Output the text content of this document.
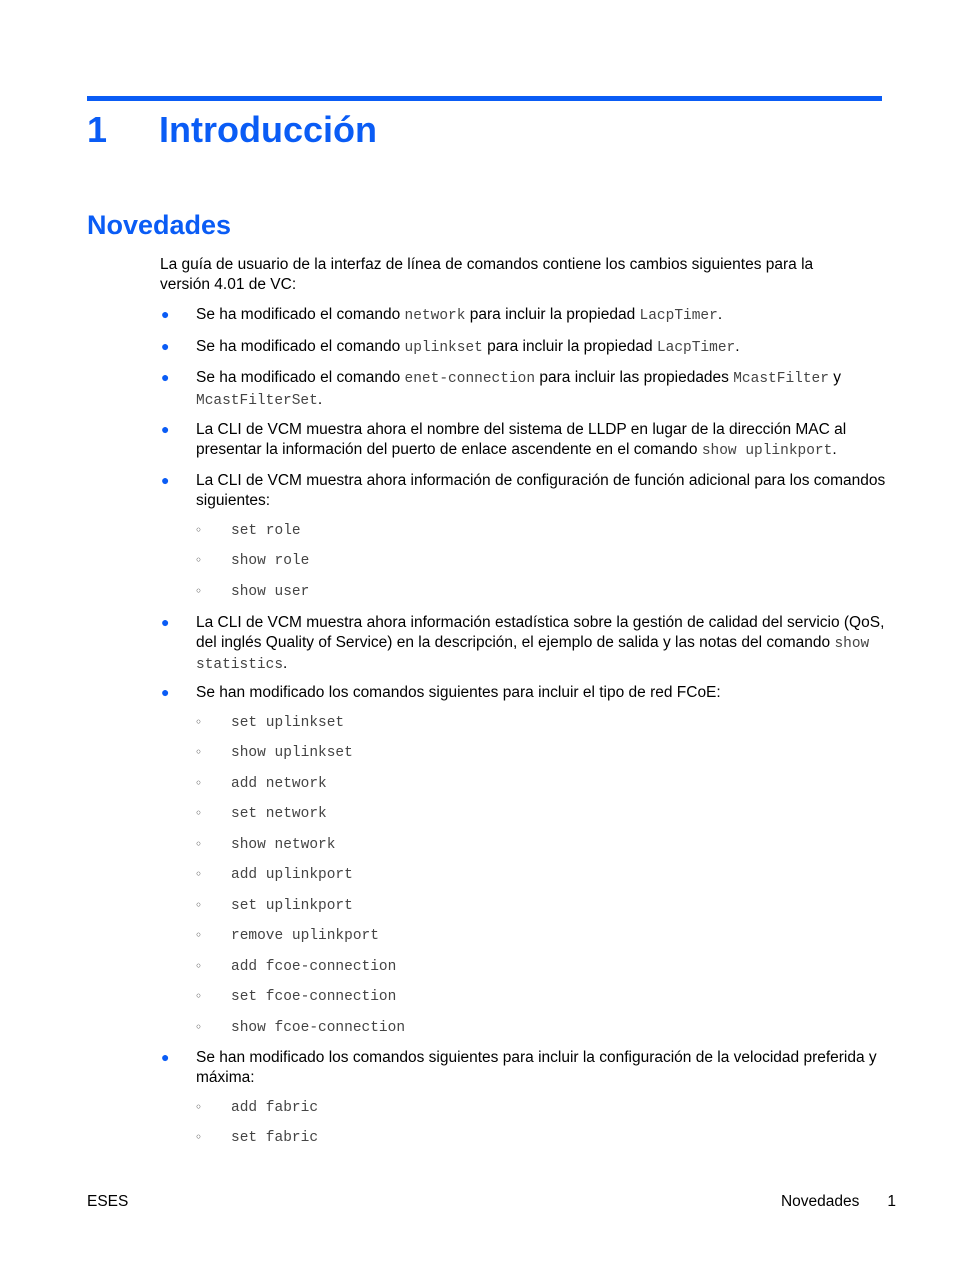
1 Introducción
Novedades

La guía de usuario de la interfaz de línea de comandos contiene los cambios siguientes para la versión 4.01 de VC:

● Se ha modificado el comando network para incluir la propiedad LacpTimer.
● Se ha modificado el comando uplinkset para incluir la propiedad LacpTimer.
● Se ha modificado el comando enet-connection para incluir las propiedades McastFilter y McastFilterSet.
● La CLI de VCM muestra ahora el nombre del sistema de LLDP en lugar de la dirección MAC al presentar la información del puerto de enlace ascendente en el comando show uplinkport.
● La CLI de VCM muestra ahora información de configuración de función adicional para los comandos siguientes:
◦ set role
◦ show role
◦ show user
● La CLI de VCM muestra ahora información estadística sobre la gestión de calidad del servicio (QoS, del inglés Quality of Service) en la descripción, el ejemplo de salida y las notas del comando show statistics.
● Se han modificado los comandos siguientes para incluir el tipo de red FCoE:
◦ set uplinkset
◦ show uplinkset
◦ add network
◦ set network
◦ show network
◦ add uplinkport
◦ set uplinkport
◦ remove uplinkport
◦ add fcoe-connection
◦ set fcoe-connection
◦ show fcoe-connection
● Se han modificado los comandos siguientes para incluir la configuración de la velocidad preferida y máxima:
◦ add fabric
◦ set fabric
ESES	Novedades 1
